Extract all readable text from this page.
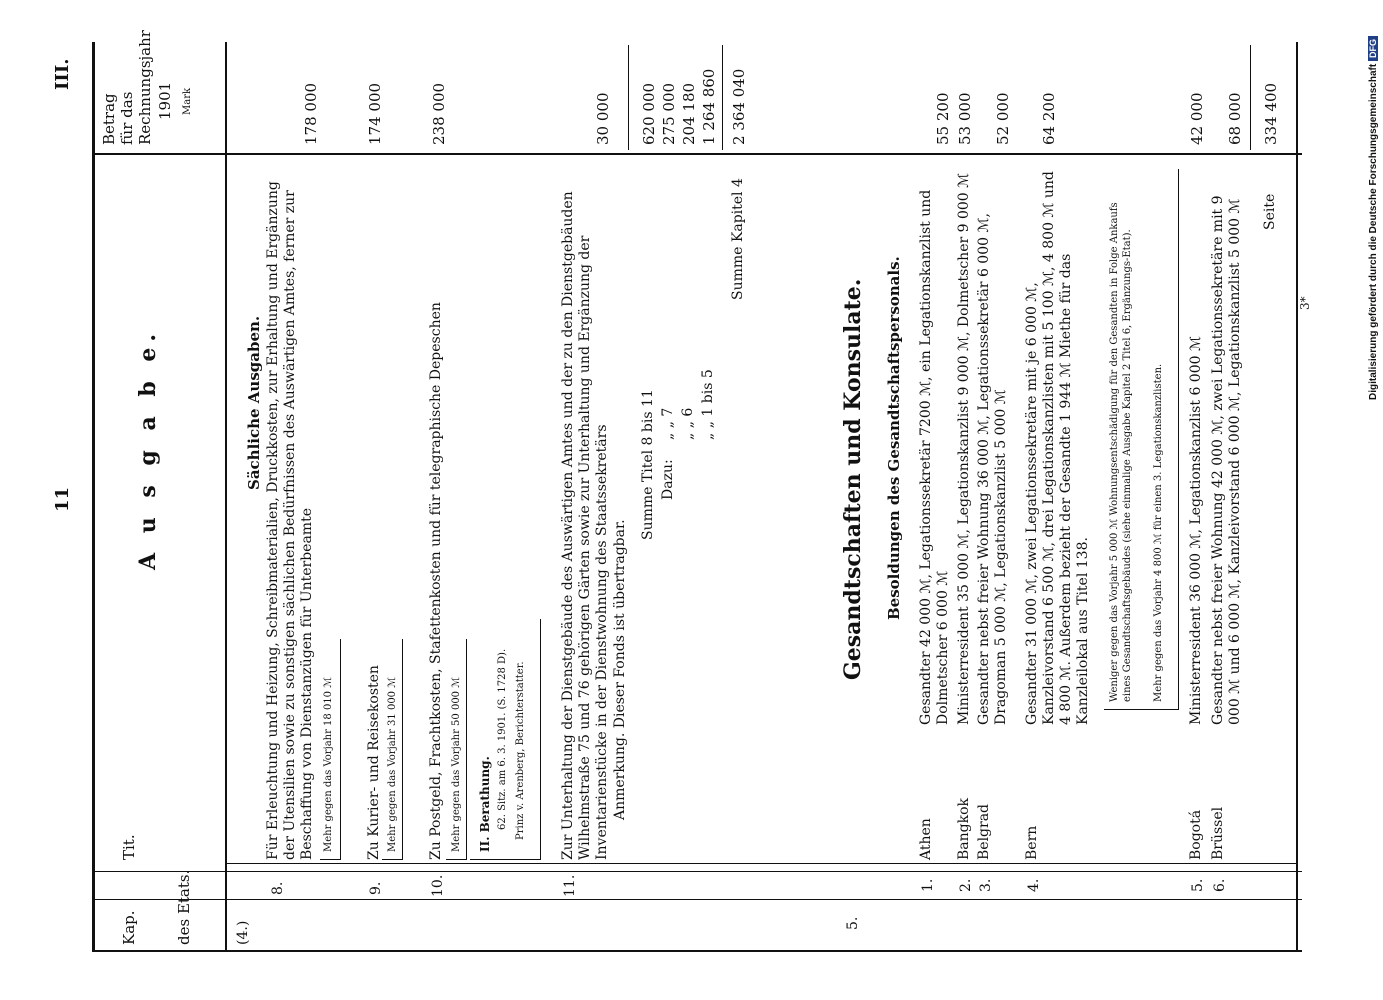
11
III.
Kap.
Tit.
des Etats.
Betrag für das Rechnungsjahr 1901 Mark
A u s g a b e.
(4.)
Sächliche Ausgaben.
8.
Für Erleuchtung und Heizung, Schreibmaterialien, Druckkosten, zur Erhaltung und Ergänzung der Utensilien sowie zu sonstigen sächlichen Bedürfnissen des Auswärtigen Amtes, ferner zur Beschaffung von Dienstanzügen für Unterbeamte Mehr gegen das Vorjahr 18 010 ℳ
178 000
9.
Zu Kurier- und Reisekosten Mehr gegen das Vorjahr 31 000 ℳ
174 000
10.
Zu Postgeld, Frachtkosten, Stafettenkosten und für telegraphische Depeschen Mehr gegen das Vorjahr 50 000 ℳ II. Berathung. 62. Sitz. am 6. 3. 1901. (S. 1728 D). Prinz v. Arenberg, Berichterstatter.
238 000
11.
Zur Unterhaltung der Dienstgebäude des Auswärtigen Amtes und der zu den Dienstgebäuden Wilhelmstraße 75 und 76 gehörigen Gärten sowie zur Unterhaltung und Ergänzung der Inventarienstücke in der Dienstwohnung des Staatssekretärs Anmerkung. Dieser Fonds ist übertragbar.
30 000
Summe Titel 8 bis 11
620 000
Dazu:
„ „ 7
275 000
„ „ 6
204 180
„ „ 1 bis 5
1 264 860
Summe Kapitel 4
2 364 040
5.
Gesandtschaften und Konsulate. Besoldungen des Gesandtschaftspersonals.
1.
Athen
Gesandter 42 000 ℳ, Legationssekretär 7200 ℳ, ein Legationskanzlist und Dolmetscher 6 000 ℳ
55 200
2.
Bangkok
Ministerresident 35 000 ℳ, Legationskanzlist 9 000 ℳ, Dolmetscher 9 000 ℳ
53 000
3.
Belgrad
Gesandter nebst freier Wohnung 36 000 ℳ, Legationssekretär 6 000 ℳ, Dragoman 5 000 ℳ, Legationskanzlist 5 000 ℳ
52 000
4.
Bern
Gesandter 31 000 ℳ, zwei Legationssekretäre mit je 6 000 ℳ, Kanzleivorstand 6 500 ℳ, drei Legationskanzlisten mit 5 100 ℳ, 4 800 ℳ und 4 800 ℳ. Außerdem bezieht der Gesandte 1 944 ℳ Miethe für das Kanzleilokal aus Titel 138. Weniger gegen das Vorjahr 5 000 ℳ Wohnungsentschädigung für den Gesandten in Folge Ankaufs eines Gesandtschaftsgebäudes (siehe einmalige Ausgabe Kapitel 2 Titel 6, Ergänzungs-Etat). Mehr gegen das Vorjahr 4 800 ℳ für einen 3. Legationskanzlisten.
64 200
5.
Bogotá
Ministerresident 36 000 ℳ, Legationskanzlist 6 000 ℳ
42 000
6.
Brüssel
Gesandter nebst freier Wohnung 42 000 ℳ, zwei Legationssekretäre mit 9 000 ℳ und 6 000 ℳ, Kanzleivorstand 6 000 ℳ, Legationskanzlist 5 000 ℳ
68 000
Seite
334 400
3*	Digitalisierung gefördert durch die Deutsche Forschungsgemeinschaft DFG
